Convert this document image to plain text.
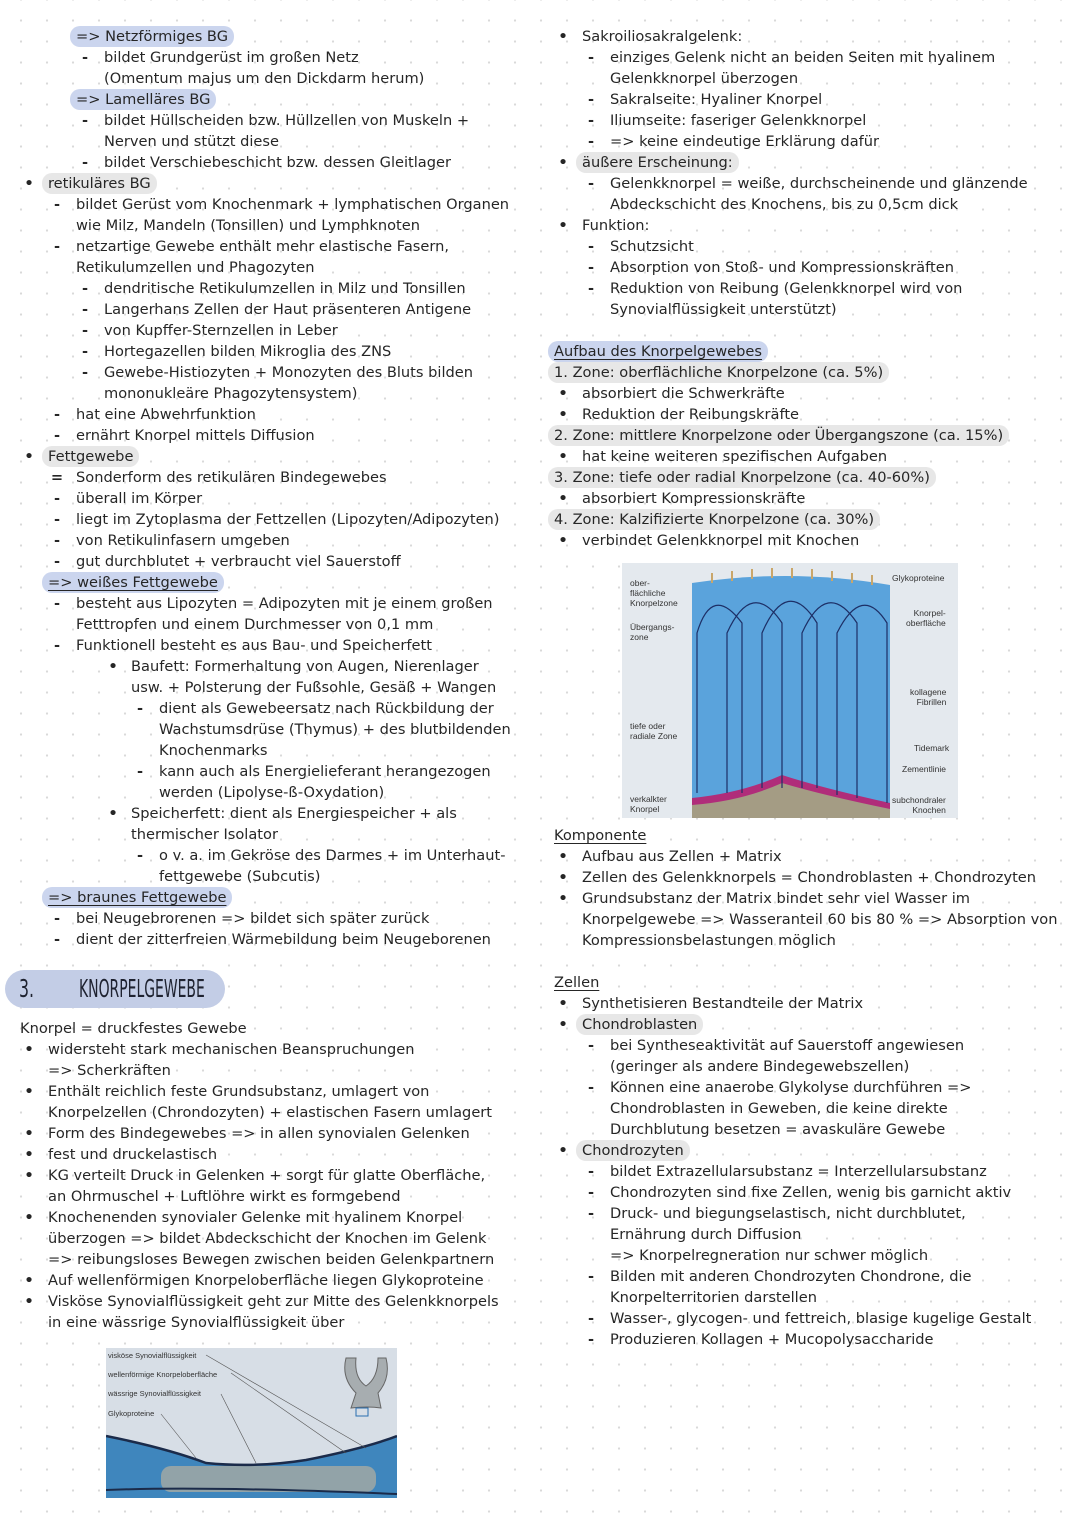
=> Netzförmiges BG
- bildet Grundgerüst im großen Netz
(Omentum majus um den Dickdarm herum)
=> Lamelläres BG
- bildet Hüllscheiden bzw. Hüllzellen von Muskeln +
Nerven und stützt diese
- bildet Verschiebeschicht bzw. dessen Gleitlager
• retikuläres BG
- bildet Gerüst vom Knochenmark + lymphatischen Organen
wie Milz, Mandeln (Tonsillen) und Lymphknoten
- netzartige Gewebe enthält mehr elastische Fasern,
Retikulumzellen und Phagozyten
- dendritische Retikulumzellen in Milz und Tonsillen
- Langerhans Zellen der Haut präsenteren Antigene
- von Kupffer-Sternzellen in Leber
- Hortegazellen bilden Mikroglia des ZNS
- Gewebe-Histiozyten + Monozyten des Bluts bilden
mononukleäre Phagozytensystem)
- hat eine Abwehrfunktion
- ernährt Knorpel mittels Diffusion
• Fettgewebe
= Sonderform des retikulären Bindegewebes
- überall im Körper
- liegt im Zytoplasma der Fettzellen (Lipozyten/Adipozyten)
- von Retikulinfasern umgeben
- gut durchblutet + verbraucht viel Sauerstoff
=> weißes Fettgewebe
- besteht aus Lipozyten = Adipozyten mit je einem großen
Fetttropfen und einem Durchmesser von 0,1 mm
- Funktionell besteht es aus Bau- und Speicherfett
• Baufett: Formerhaltung von Augen, Nierenlager
usw. + Polsterung der Fußsohle, Gesäß + Wangen
- dient als Gewebeersatz nach Rückbildung der
Wachstumsdrüse (Thymus) + des blutbildenden
Knochenmarks
- kann auch als Energielieferant herangezogen
werden (Lipolyse-ß-Oxydation)
• Speicherfett: dient als Energiespeicher + als
thermischer Isolator
- o v. a. im Gekröse des Darmes + im Unterhaut-
fettgewebe (Subcutis)
=> braunes Fettgewebe
- bei Neugebrorenen => bildet sich später zurück
- dient der zitterfreien Wärmebildung beim Neugeborenen
3. KNORPELGEWEBE
Knorpel = druckfestes Gewebe
• widersteht stark mechanischen Beanspruchungen
=> Scherkräften
• Enthält reichlich feste Grundsubstanz, umlagert von
Knorpelzellen (Chrondozyten) + elastischen Fasern umlagert
• Form des Bindegewebes => in allen synovialen Gelenken
• fest und druckelastisch
• KG verteilt Druck in Gelenken + sorgt für glatte Oberfläche,
an Ohrmuschel + Luftlöhre wirkt es formgebend
• Knochenenden synovialer Gelenke mit hyalinem Knorpel
überzogen => bildet Abdeckschicht der Knochen im Gelenk
=> reibungsloses Bewegen zwischen beiden Gelenkpartnern
• Auf wellenförmigen Knorpeloberfläche liegen Glykoproteine
• Visköse Synovialflüssigkeit geht zur Mitte des Gelenkknorpels
in eine wässrige Synovialflüssigkeit über
visköse Synovialflüssigkeit
wellenförmige Knorpeloberfläche
wässrige Synovialflüssigkeit
Glykoproteine
• Sakroiliosakralgelenk:
- einziges Gelenk nicht an beiden Seiten mit hyalinem
Gelenkknorpel überzogen
- Sakralseite: Hyaliner Knorpel
- Iliumseite: faseriger Gelenkknorpel
- => keine eindeutige Erklärung dafür
• äußere Erscheinung:
- Gelenkknorpel = weiße, durchscheinende und glänzende
Abdeckschicht des Knochens, bis zu 0,5cm dick
• Funktion:
- Schutzsicht
- Absorption von Stoß- und Kompressionskräften
- Reduktion von Reibung (Gelenkknorpel wird von
Synovialflüssigkeit unterstützt)
Aufbau des Knorpelgewebes
1. Zone: oberflächliche Knorpelzone (ca. 5%)
• absorbiert die Schwerkräfte
• Reduktion der Reibungskräfte
2. Zone: mittlere Knorpelzone oder Übergangszone (ca. 15%)
• hat keine weiteren spezifischen Aufgaben
3. Zone: tiefe oder radial Knorpelzone (ca. 40-60%)
• absorbiert Kompressionskräfte
4. Zone: Kalzifizierte Knorpelzone (ca. 30%)
• verbindet Gelenkknorpel mit Knochen
ober-
flächliche
Knorpelzone
Übergangs-
zone
tiefe oder
radiale Zone
verkalkter
Knorpel
Glykoproteine
Knorpel-
oberfläche
kollagene
Fibrillen
Tidemark
Zementlinie
subchondraler
Knochen
Komponente
• Aufbau aus Zellen + Matrix
• Zellen des Gelenkknorpels = Chondroblasten + Chondrozyten
• Grundsubstanz der Matrix bindet sehr viel Wasser im
Knorpelgewebe => Wasseranteil 60 bis 80 % => Absorption von
Kompressionsbelastungen möglich
Zellen
• Synthetisieren Bestandteile der Matrix
• Chondroblasten
- bei Syntheseaktivität auf Sauerstoff angewiesen
(geringer als andere Bindegewebszellen)
- Können eine anaerobe Glykolyse durchführen =>
Chondroblasten in Geweben, die keine direkte
Durchblutung besetzen = avaskuläre Gewebe
• Chondrozyten
- bildet Extrazellularsubstanz = Interzellularsubstanz
- Chondrozyten sind fixe Zellen, wenig bis garnicht aktiv
- Druck- und biegungselastisch, nicht durchblutet,
Ernährung durch Diffusion
=> Knorpelregneration nur schwer möglich
- Bilden mit anderen Chondrozyten Chondrone, die
Knorpelterritorien darstellen
- Wasser-, glycogen- und fettreich, blasige kugelige Gestalt
- Produzieren Kollagen + Mucopolysaccharide
